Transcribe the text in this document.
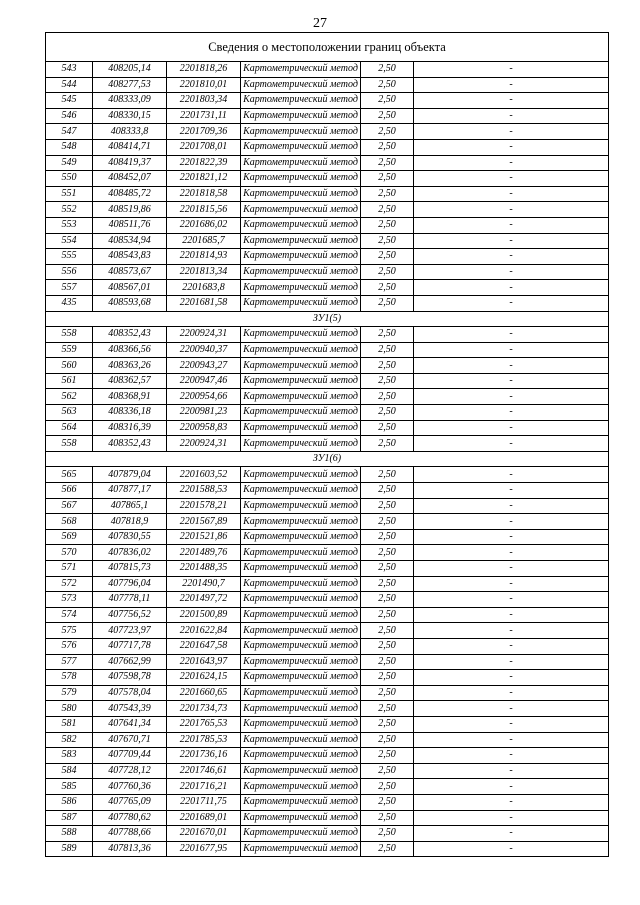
27
Сведения о местоположении границ объекта					
543	408205,14	2201818,26	Картометрический метод	2,50	-
544	408277,53	2201810,01	Картометрический метод	2,50	-
545	408333,09	2201803,34	Картометрический метод	2,50	-
546	408330,15	2201731,11	Картометрический метод	2,50	-
547	408333,8	2201709,36	Картометрический метод	2,50	-
548	408414,71	2201708,01	Картометрический метод	2,50	-
549	408419,37	2201822,39	Картометрический метод	2,50	-
550	408452,07	2201821,12	Картометрический метод	2,50	-
551	408485,72	2201818,58	Картометрический метод	2,50	-
552	408519,86	2201815,56	Картометрический метод	2,50	-
553	408511,76	2201686,02	Картометрический метод	2,50	-
554	408534,94	2201685,7	Картометрический метод	2,50	-
555	408543,83	2201814,93	Картометрический метод	2,50	-
556	408573,67	2201813,34	Картометрический метод	2,50	-
557	408567,01	2201683,8	Картометрический метод	2,50	-
435	408593,68	2201681,58	Картометрический метод	2,50	-
ЗУ1(5)					
558	408352,43	2200924,31	Картометрический метод	2,50	-
559	408366,56	2200940,37	Картометрический метод	2,50	-
560	408363,26	2200943,27	Картометрический метод	2,50	-
561	408362,57	2200947,46	Картометрический метод	2,50	-
562	408368,91	2200954,66	Картометрический метод	2,50	-
563	408336,18	2200981,23	Картометрический метод	2,50	-
564	408316,39	2200958,83	Картометрический метод	2,50	-
558	408352,43	2200924,31	Картометрический метод	2,50	-
ЗУ1(6)					
565	407879,04	2201603,52	Картометрический метод	2,50	-
566	407877,17	2201588,53	Картометрический метод	2,50	-
567	407865,1	2201578,21	Картометрический метод	2,50	-
568	407818,9	2201567,89	Картометрический метод	2,50	-
569	407830,55	2201521,86	Картометрический метод	2,50	-
570	407836,02	2201489,76	Картометрический метод	2,50	-
571	407815,73	2201488,35	Картометрический метод	2,50	-
572	407796,04	2201490,7	Картометрический метод	2,50	-
573	407778,11	2201497,72	Картометрический метод	2,50	-
574	407756,52	2201500,89	Картометрический метод	2,50	-
575	407723,97	2201622,84	Картометрический метод	2,50	-
576	407717,78	2201647,58	Картометрический метод	2,50	-
577	407662,99	2201643,97	Картометрический метод	2,50	-
578	407598,78	2201624,15	Картометрический метод	2,50	-
579	407578,04	2201660,65	Картометрический метод	2,50	-
580	407543,39	2201734,73	Картометрический метод	2,50	-
581	407641,34	2201765,53	Картометрический метод	2,50	-
582	407670,71	2201785,53	Картометрический метод	2,50	-
583	407709,44	2201736,16	Картометрический метод	2,50	-
584	407728,12	2201746,61	Картометрический метод	2,50	-
585	407760,36	2201716,21	Картометрический метод	2,50	-
586	407765,09	2201711,75	Картометрический метод	2,50	-
587	407780,62	2201689,01	Картометрический метод	2,50	-
588	407788,66	2201670,01	Картометрический метод	2,50	-
589	407813,36	2201677,95	Картометрический метод	2,50	-
